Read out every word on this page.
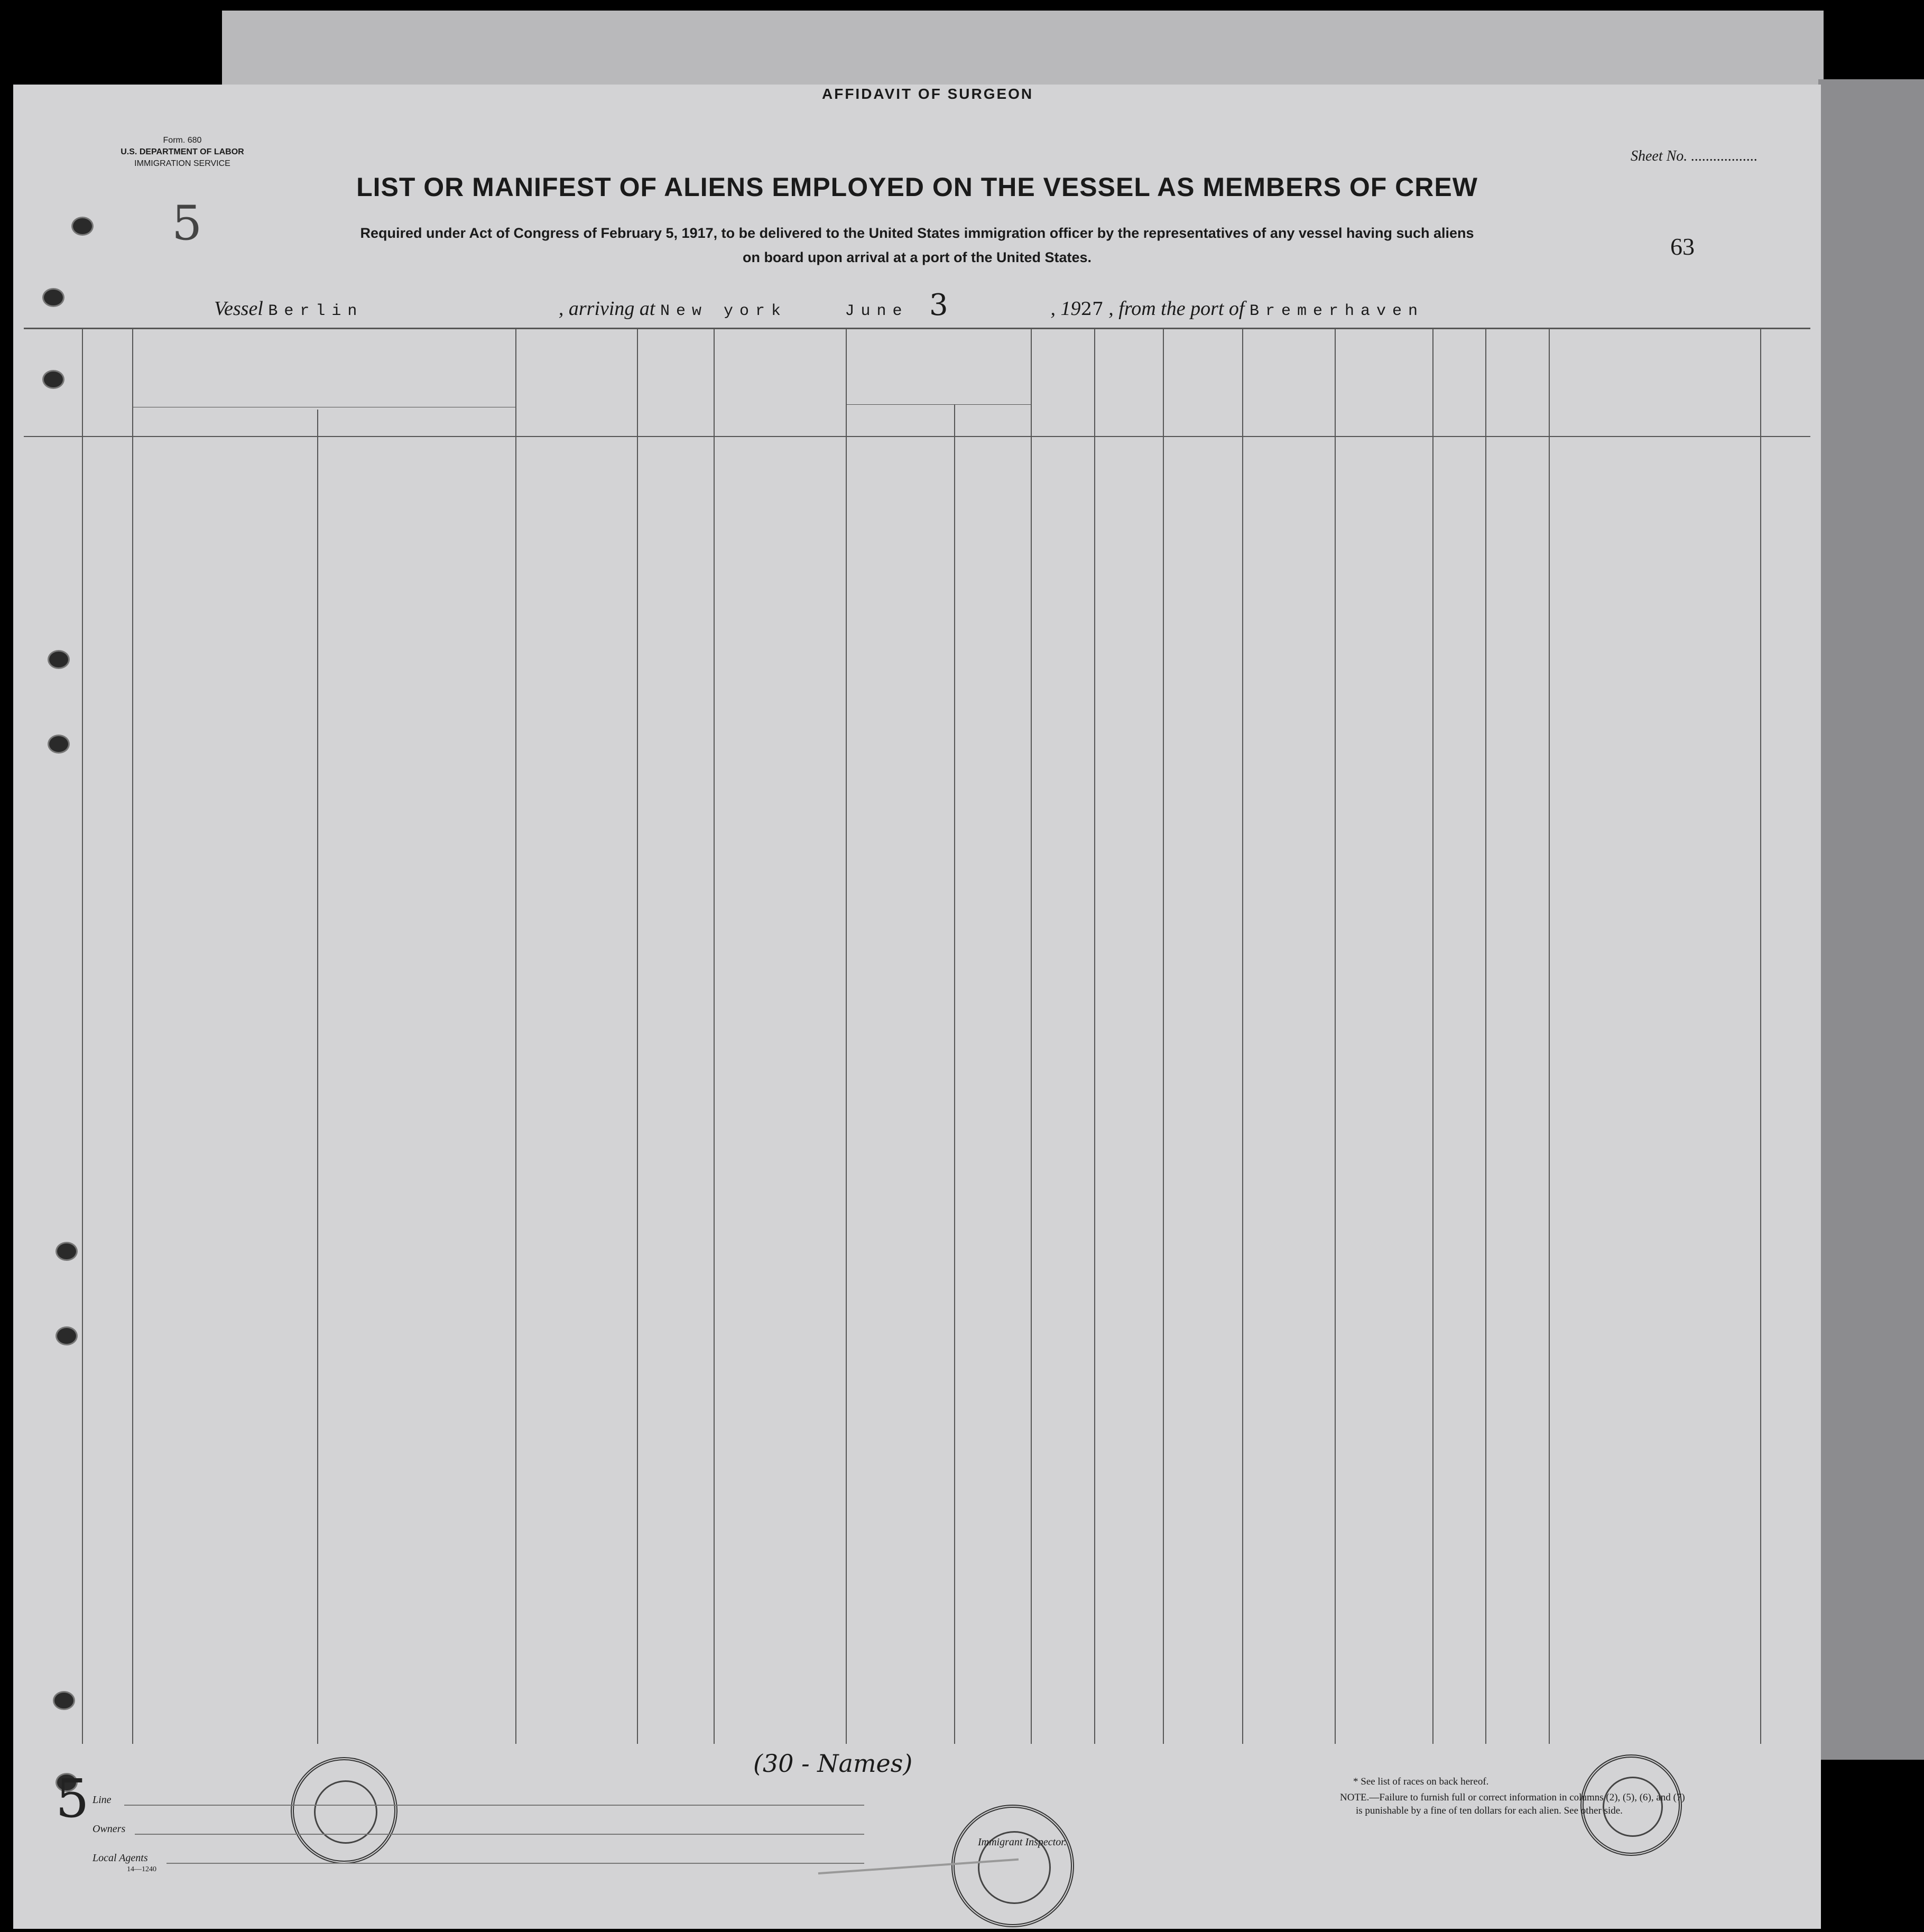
AFFIDAVIT OF SURGEON
Form. 680
U.S. DEPARTMENT OF LABOR
IMMIGRATION SERVICE	Sheet No. ..................
LIST OR MANIFEST OF ALIENS EMPLOYED ON THE VESSEL AS MEMBERS OF CREW
Required under Act of Congress of February 5, 1917, to be delivered to the United States immigration officer by the representatives of any vessel having such aliens
on board upon arrival at a port of the United States.	63
5
Vessel Berlin	, arriving at New york	June 3	, 1927 , from the port of Bremerhaven
(30 - Names)
Line
Owners
Local Agents
14—1240
Immigrant Inspector.
5	* See list of races on back hereof.
NOTE.—Failure to furnish full or correct information in columns (2), (5), (6), and (7)
is punishable by a fine of ten dollars for each alien. See other side.
